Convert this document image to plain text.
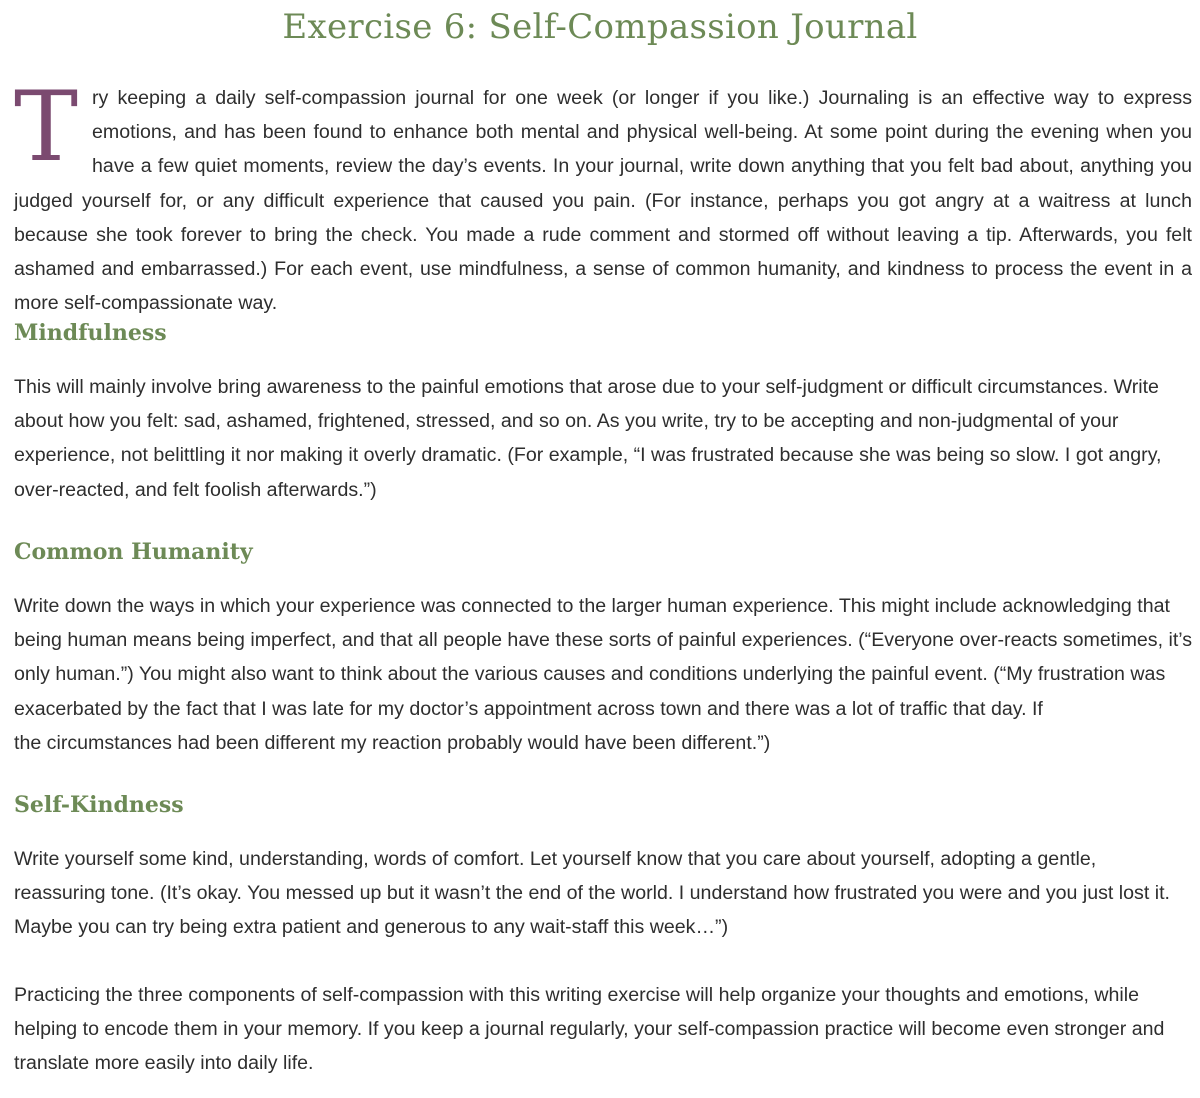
Exercise 6: Self-Compassion Journal

T ry keeping a daily self-compassion journal for one week (or longer if you like.) Journaling is an effective way to express emotions, and has been found to enhance both mental and physical well-being. At some point during the evening when you have a few quiet moments, review the day’s events. In your journal, write down anything that you felt bad about, anything you judged yourself for, or any difficult experience that caused you pain. (For instance, perhaps you got angry at a waitress at lunch because she took forever to bring the check. You made a rude comment and stormed off without leaving a tip. Afterwards, you felt ashamed and embarrassed.) For each event, use mindfulness, a sense of common humanity, and kindness to process the event in a more self-compassionate way.

Mindfulness

This will mainly involve bring awareness to the painful emotions that arose due to your self-judgment or difficult circumstances. Write
about how you felt: sad, ashamed, frightened, stressed, and so on. As you write, try to be accepting and non-judgmental of your
experience, not belittling it nor making it overly dramatic. (For example, “I was frustrated because she was being so slow. I got angry,
over-reacted, and felt foolish afterwards.”)

Common Humanity

Write down the ways in which your experience was connected to the larger human experience. This might include acknowledging that
being human means being imperfect, and that all people have these sorts of painful experiences. (“Everyone over-reacts sometimes, it’s
only human.”) You might also want to think about the various causes and conditions underlying the painful event. (“My frustration was
exacerbated by the fact that I was late for my doctor’s appointment across town and there was a lot of traffic that day. If
the circumstances had been different my reaction probably would have been different.”)

Self-Kindness

Write yourself some kind, understanding, words of comfort. Let yourself know that you care about yourself, adopting a gentle,
reassuring tone. (It’s okay. You messed up but it wasn’t the end of the world. I understand how frustrated you were and you just lost it.
Maybe you can try being extra patient and generous to any wait-staff this week…”)

Practicing the three components of self-compassion with this writing exercise will help organize your thoughts and emotions, while
helping to encode them in your memory. If you keep a journal regularly, your self-compassion practice will become even stronger and
translate more easily into daily life.
